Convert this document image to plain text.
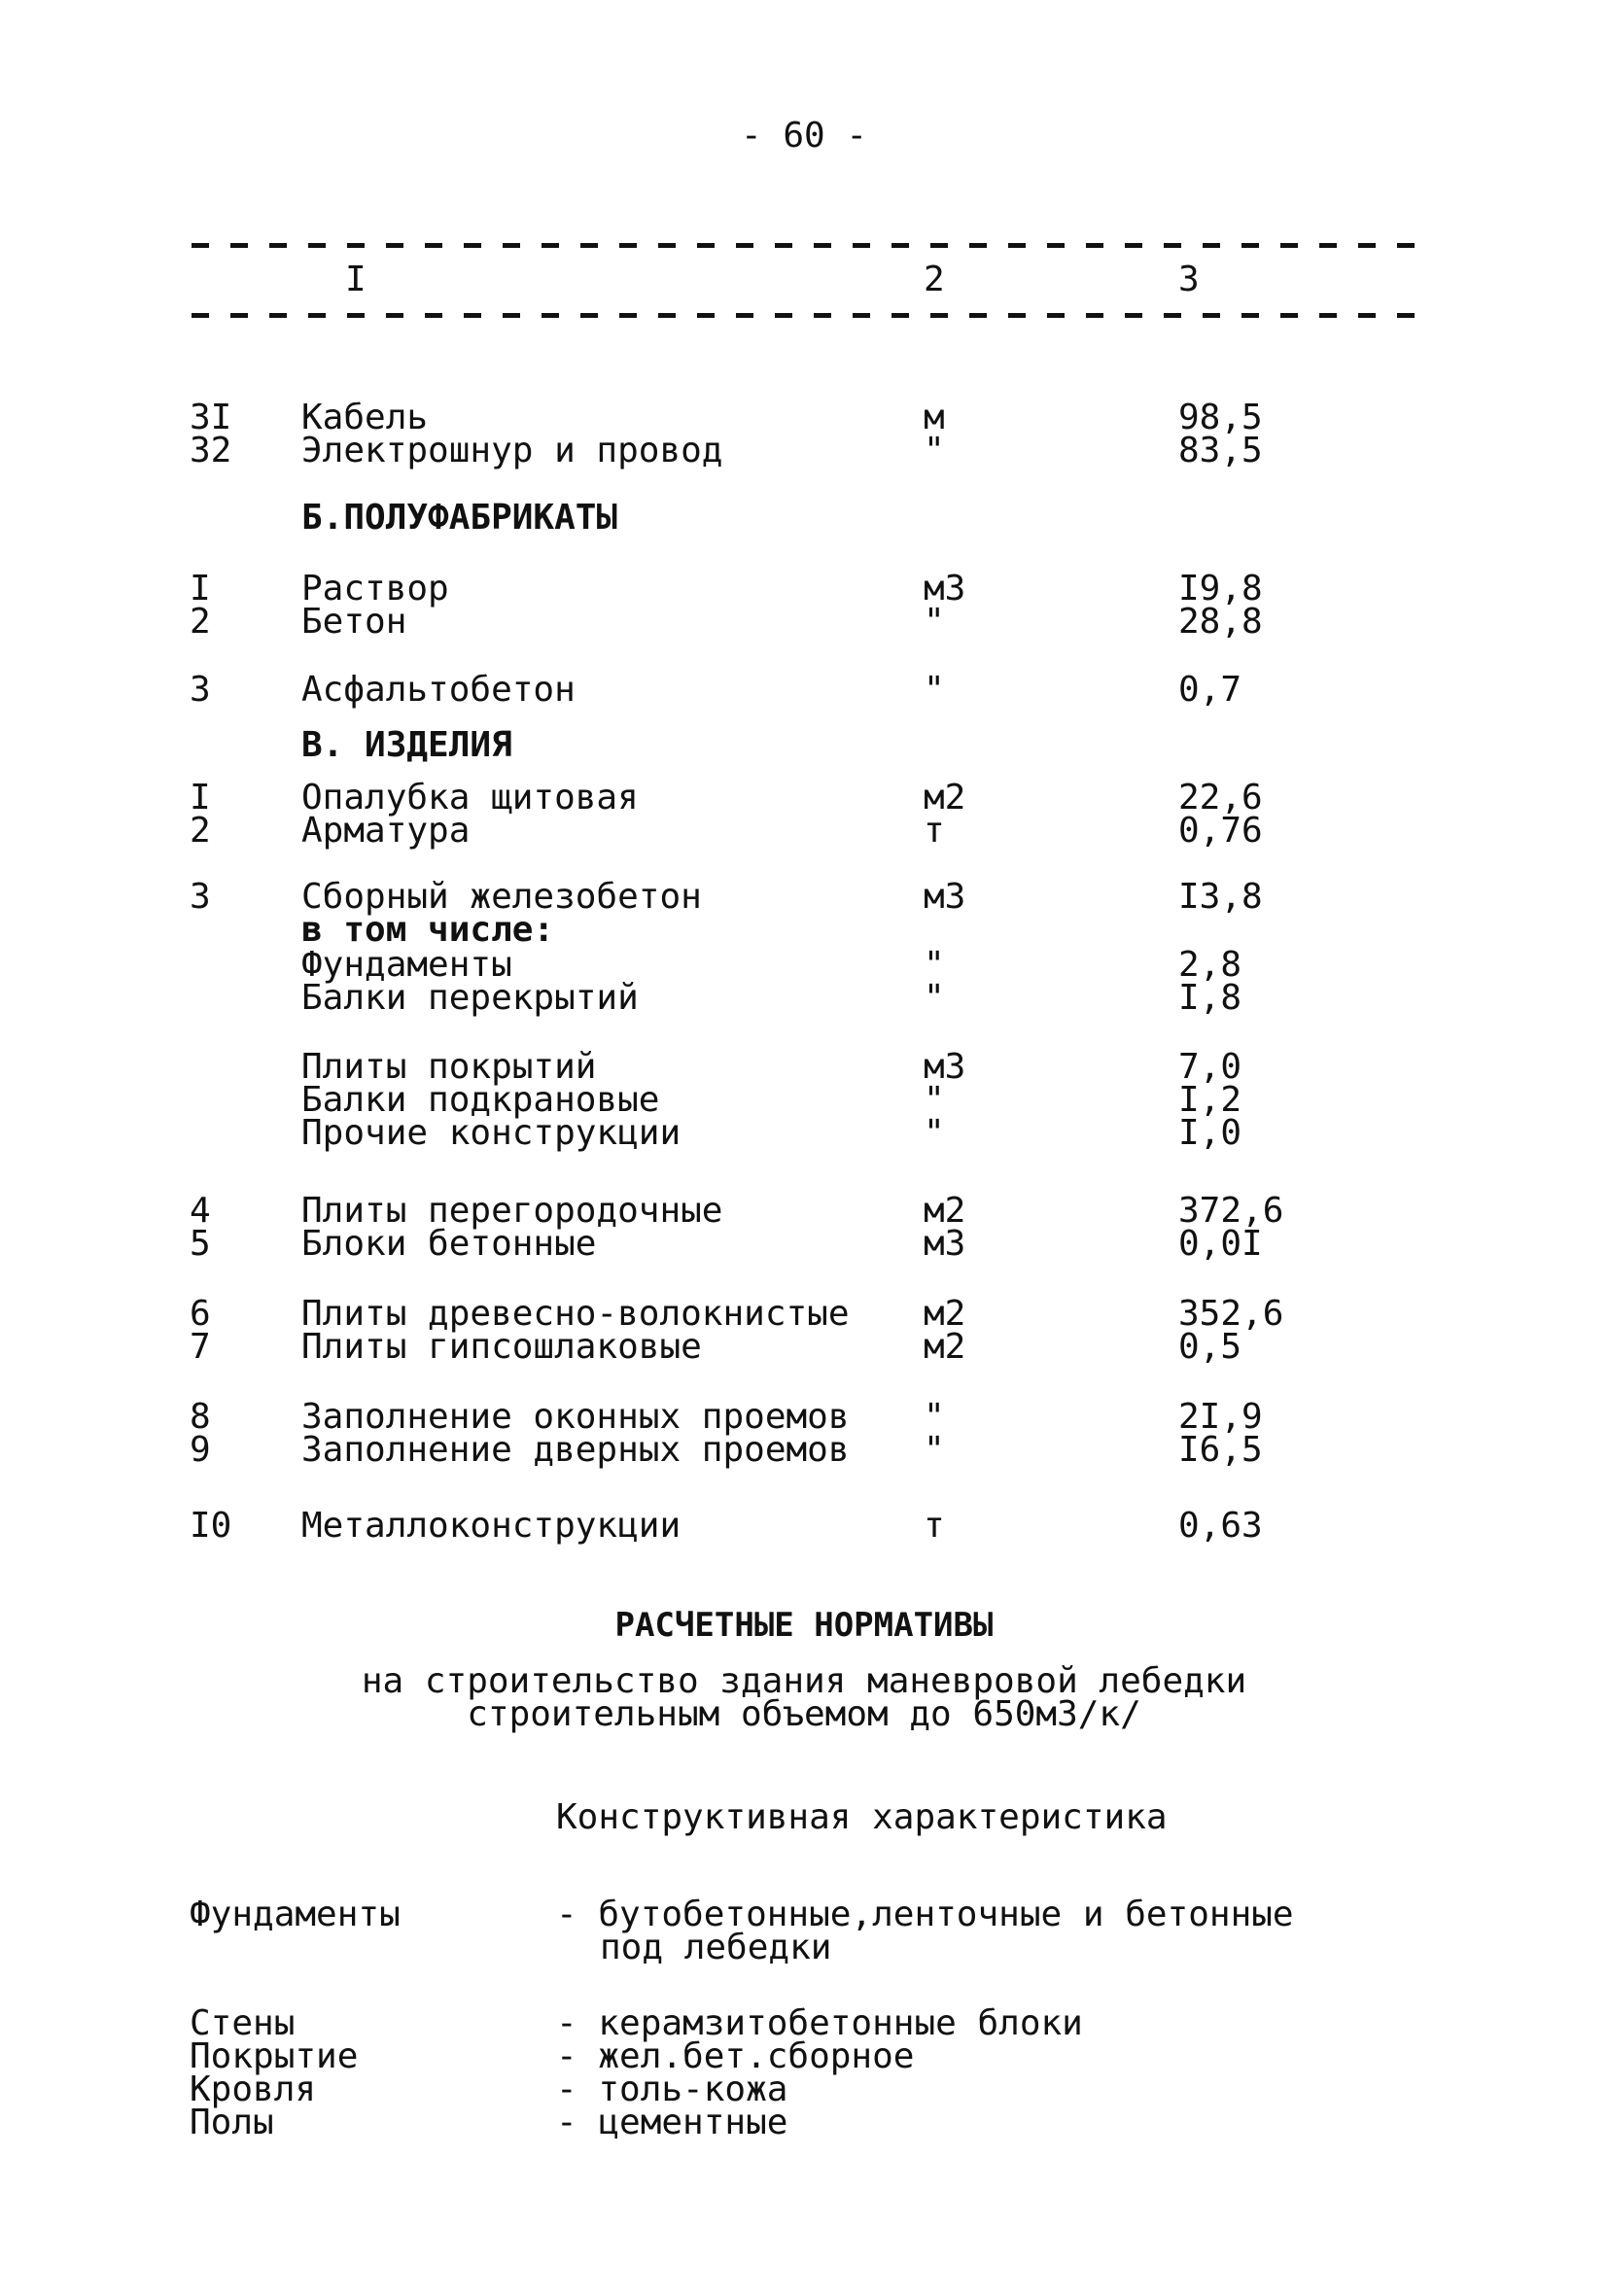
- 60 -
I	2	3
3I Кабель	м	98,5
32 Электрошнур и провод	"	83,5
Б.ПОЛУФАБРИКАТЫ
I	Раствор	м3	I9,8
2	Бетон	"	28,8
3	Асфальтобетон	"	0,7
В. ИЗДЕЛИЯ
I	Опалубка щитовая	м2	22,6
2	Арматура	т	0,76
3	Сборный железобетон	м3	I3,8
в том числе:
Фундаменты	"	2,8
Балки перекрытий	"	I,8
Плиты покрытий	м3	7,0
Балки подкрановые	"	I,2
Прочие конструкции	"	I,0
4	Плиты перегородочные	м2	372,6
5	Блоки бетонные	м3	0,0I
6	Плиты древесно-волокнистые м2	352,6
7	Плиты гипсошлаковые	м2	0,5
8	Заполнение оконных проемов "	2I,9
9	Заполнение дверных проемов "	I6,5
I0 Металлоконструкции	т	0,63
РАСЧЕТНЫЕ НОРМАТИВЫ
на строительство здания маневровой лебедки
строительным объемом до 650м3/к/
Конструктивная характеристика
Фундаменты	- бутобетонные,ленточные и бетонные
под лебедки
Стены	- керамзитобетонные блоки
Покрытие	- жел.бет.сборное
Кровля	- толь-кожа
Полы	- цементные
